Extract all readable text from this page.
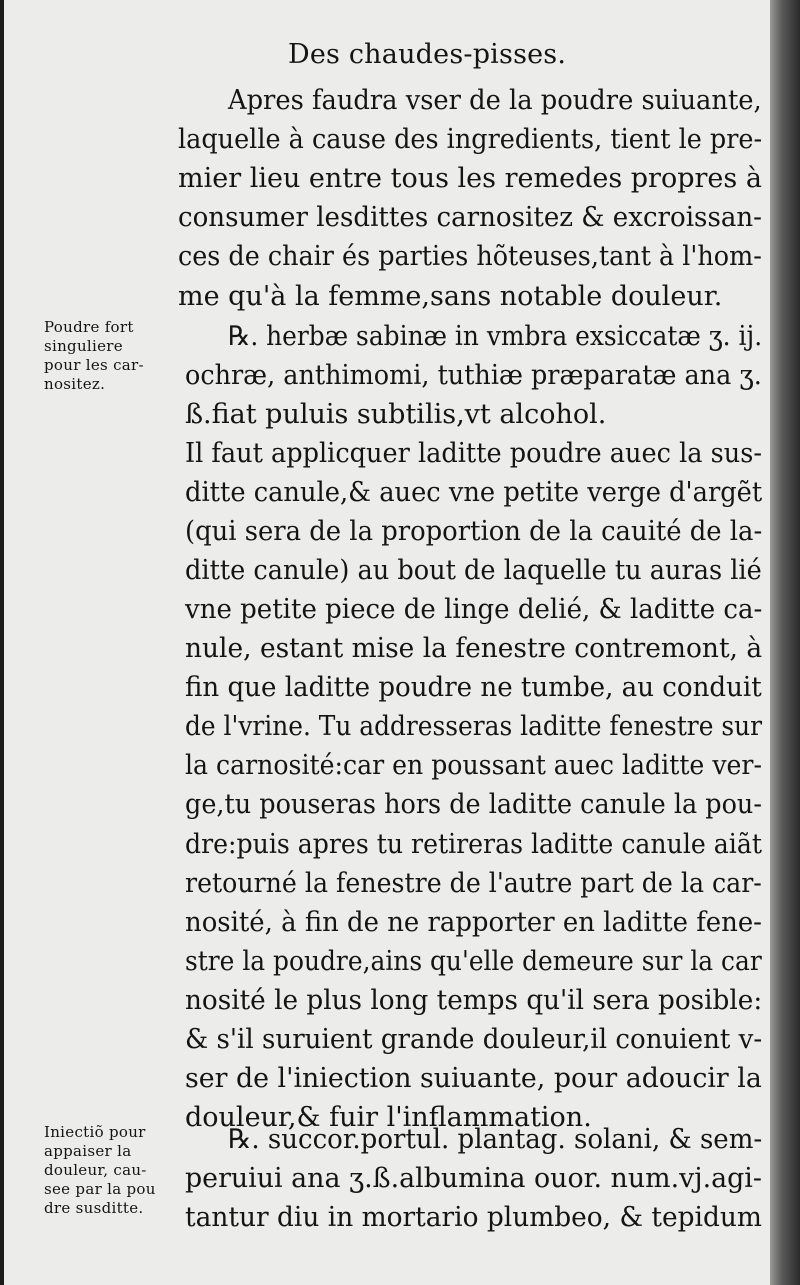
Des chaudes-pisses.
Poudre fort
singuliere
pour les car-
nositez.
Iniectiõ pour
appaiser la
douleur, cau-
see par la pou
dre susditte.
Apres faudra vser de la poudre suiuante,
laquelle à cause des ingredients, tient le pre-
mier lieu entre tous les remedes propres à
consumer lesdittes carnositez & excroissan-
ces de chair és parties hõteuses,tant à l'hom-
me qu'à la femme,sans notable douleur.
℞. herbæ sabinæ in vmbra exsiccatæ ʒ. ij.
ochræ, anthimomi, tuthiæ præparatæ ana ʒ.
ß.fiat puluis subtilis,vt alcohol.
Il faut applicquer laditte poudre auec la sus-
ditte canule,& auec vne petite verge d'argẽt
(qui sera de la proportion de la cauité de la-
ditte canule) au bout de laquelle tu auras lié
vne petite piece de linge delié, & laditte ca-
nule, estant mise la fenestre contremont, à
fin que laditte poudre ne tumbe, au conduit
de l'vrine. Tu addresseras laditte fenestre sur
la carnosité:car en poussant auec laditte ver-
ge,tu pouseras hors de laditte canule la pou-
dre:puis apres tu retireras laditte canule aiãt
retourné la fenestre de l'autre part de la car-
nosité, à fin de ne rapporter en laditte fene-
stre la poudre,ains qu'elle demeure sur la car
nosité le plus long temps qu'il sera posible:
& s'il suruient grande douleur,il conuient v-
ser de l'iniection suiuante, pour adoucir la
douleur,& fuir l'inflammation.
℞. succor.portul. plantag. solani, & sem-
peruiui ana ʒ.ß.albumina ouor. num.vj.agi-
tantur diu in mortario plumbeo, & tepidum
